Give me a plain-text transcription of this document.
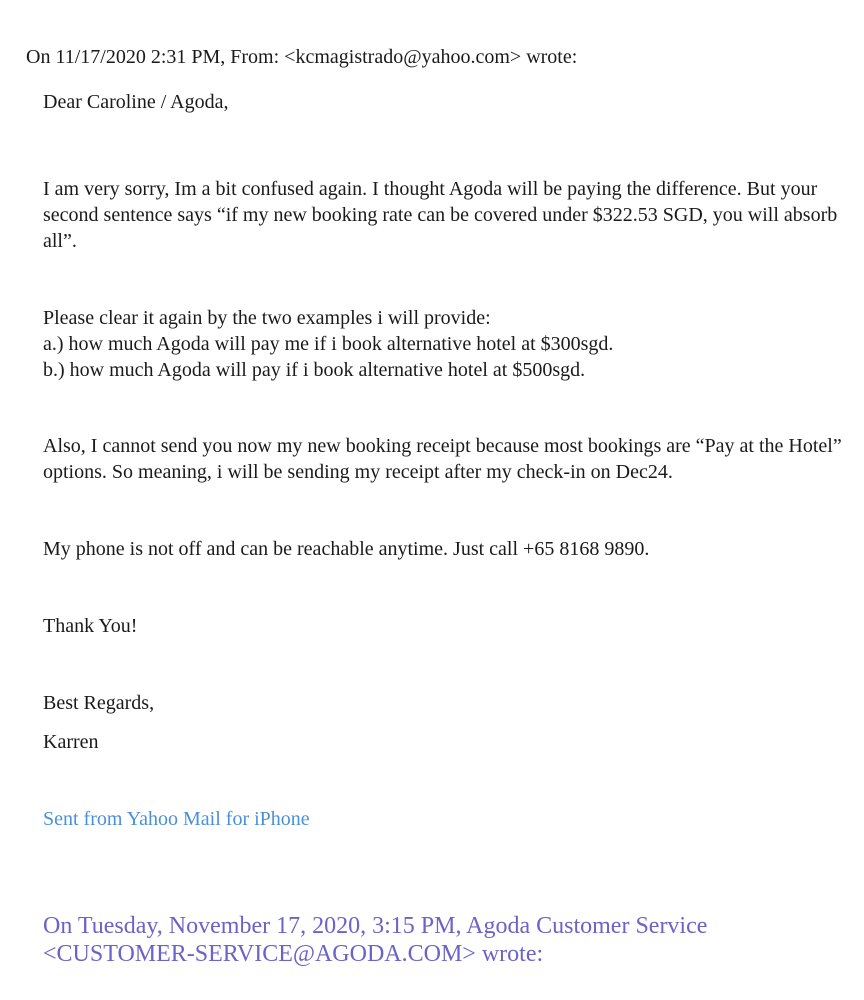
On 11/17/2020 2:31 PM, From: <kcmagistrado@yahoo.com> wrote:

Dear Caroline / Agoda,

I am very sorry, Im a bit confused again. I thought Agoda will be paying the difference. But your second sentence says “if my new booking rate can be covered under $322.53 SGD, you will absorb all”.

Please clear it again by the two examples i will provide:
a.) how much Agoda will pay me if i book alternative hotel at $300sgd.
b.) how much Agoda will pay if i book alternative hotel at $500sgd.

Also, I cannot send you now my new booking receipt because most bookings are “Pay at the Hotel” options. So meaning, i will be sending my receipt after my check-in on Dec24.

My phone is not off and can be reachable anytime. Just call +65 8168 9890.

Thank You!

Best Regards,

Karren

Sent from Yahoo Mail for iPhone

On Tuesday, November 17, 2020, 3:15 PM, Agoda Customer Service
<CUSTOMER-SERVICE@AGODA.COM> wrote:
